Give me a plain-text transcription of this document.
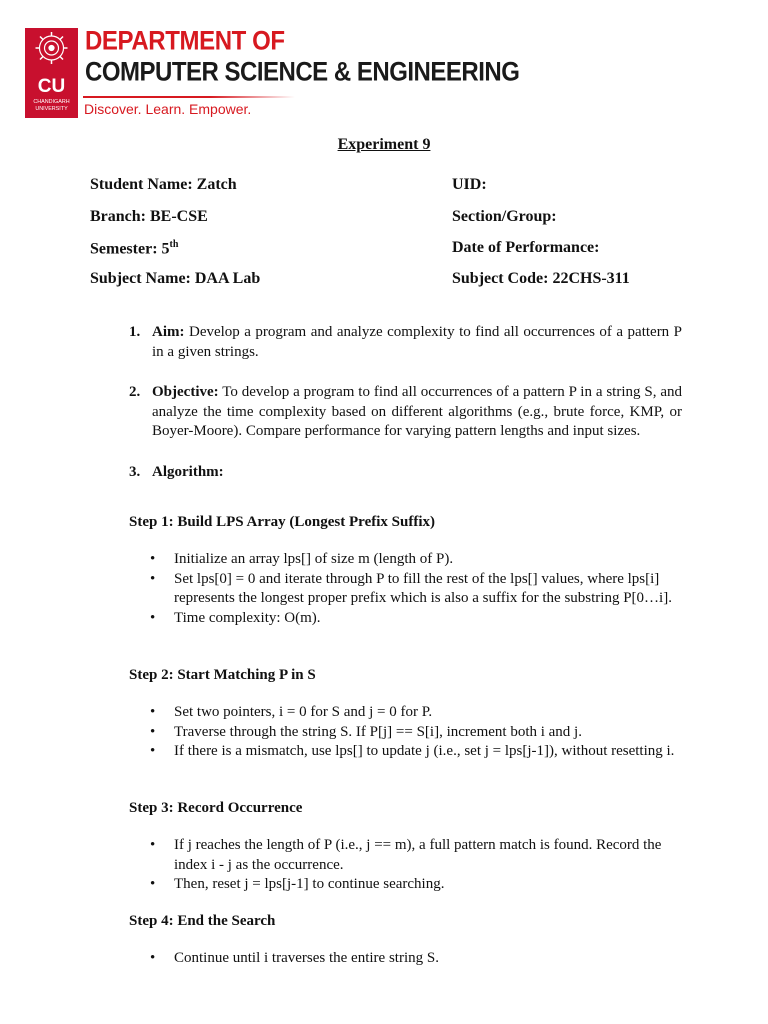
CU
CHANDIGARH
UNIVERSITY
DEPARTMENT OF
COMPUTER SCIENCE & ENGINEERING
Discover. Learn. Empower.
Experiment 9
Student Name: Zatch	UID:
Branch: BE-CSE	Section/Group:
Semester: 5th	Date of Performance:
Subject Name: DAA Lab	Subject Code: 22CHS-311
1. Aim: Develop a program and analyze complexity to find all occurrences of a pattern P in a given strings.
2. Objective: To develop a program to find all occurrences of a pattern P in a string S, and analyze the time complexity based on different algorithms (e.g., brute force, KMP, or Boyer-Moore). Compare performance for varying pattern lengths and input sizes.
3. Algorithm:
Step 1: Build LPS Array (Longest Prefix Suffix)
• Initialize an array lps[] of size m (length of P).
• Set lps[0] = 0 and iterate through P to fill the rest of the lps[] values, where lps[i] represents the longest proper prefix which is also a suffix for the substring P[0…i].
• Time complexity: O(m).
Step 2: Start Matching P in S
• Set two pointers, i = 0 for S and j = 0 for P.
• Traverse through the string S. If P[j] == S[i], increment both i and j.
• If there is a mismatch, use lps[] to update j (i.e., set j = lps[j-1]), without resetting i.
Step 3: Record Occurrence
• If j reaches the length of P (i.e., j == m), a full pattern match is found. Record the index i - j as the occurrence.
• Then, reset j = lps[j-1] to continue searching.
Step 4: End the Search
• Continue until i traverses the entire string S.
